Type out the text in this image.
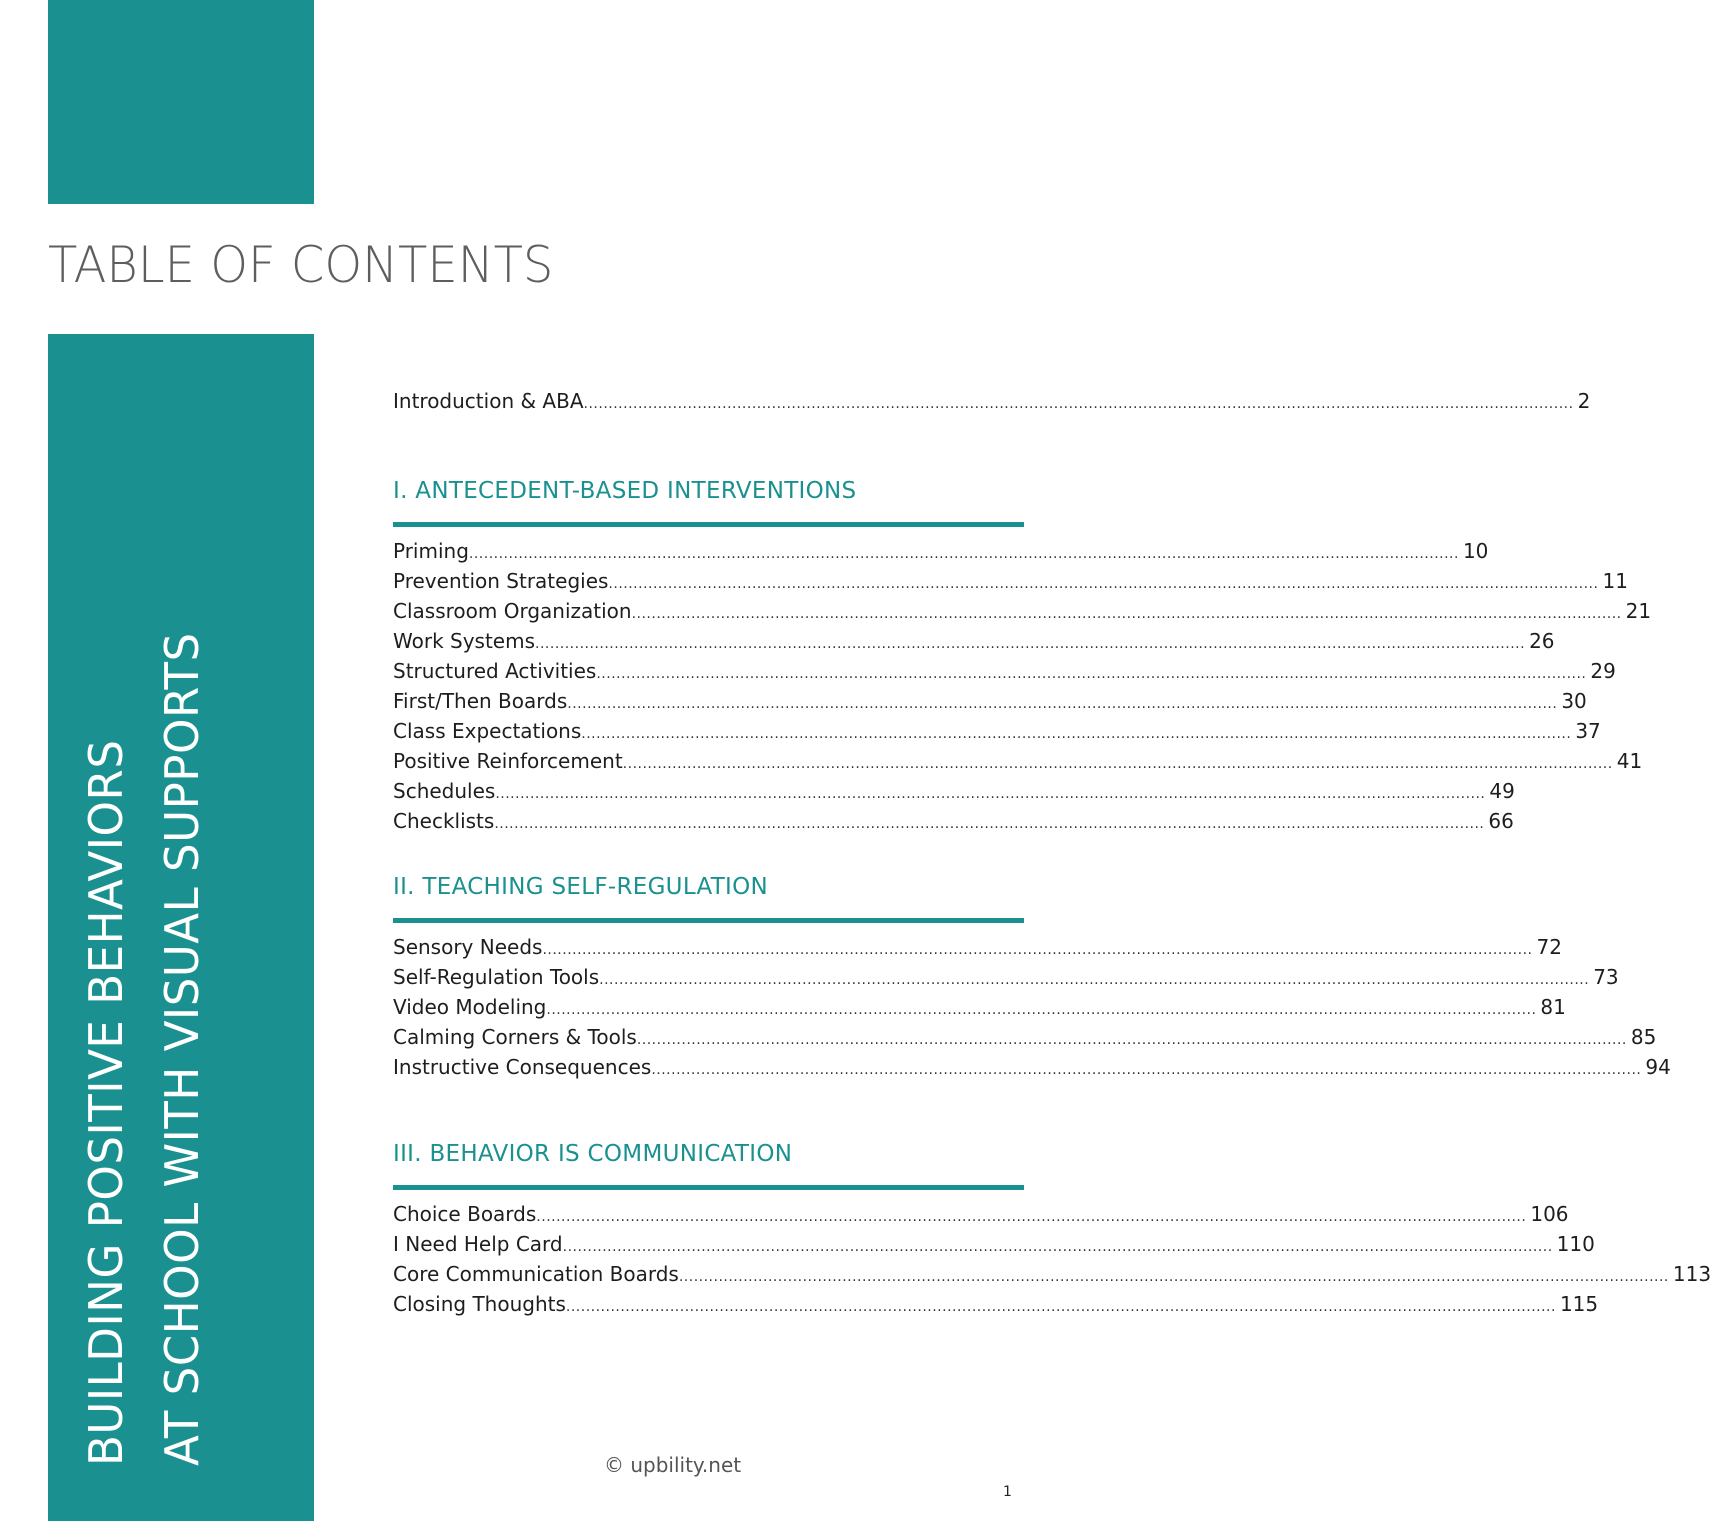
TABLE OF CONTENTS
BUILDING POSITIVE BEHAVIORS AT SCHOOL WITH VISUAL SUPPORTS
Introduction & ABA ........................................................................................................................................................................................................ 2
I. ANTECEDENT-BASED INTERVENTIONS
Priming ........................................................................................................................................................................................................ 10
Prevention Strategies ........................................................................................................................................................................................................ 11
Classroom Organization ........................................................................................................................................................................................................ 21
Work Systems ........................................................................................................................................................................................................ 26
Structured Activities ........................................................................................................................................................................................................ 29
First/Then Boards ........................................................................................................................................................................................................ 30
Class Expectations ........................................................................................................................................................................................................ 37
Positive Reinforcement ........................................................................................................................................................................................................ 41
Schedules ........................................................................................................................................................................................................ 49
Checklists ........................................................................................................................................................................................................ 66
II. TEACHING SELF-REGULATION
Sensory Needs ........................................................................................................................................................................................................ 72
Self-Regulation Tools ........................................................................................................................................................................................................ 73
Video Modeling ........................................................................................................................................................................................................ 81
Calming Corners & Tools ........................................................................................................................................................................................................ 85
Instructive Consequences ........................................................................................................................................................................................................ 94
III. BEHAVIOR IS COMMUNICATION
Choice Boards ........................................................................................................................................................................................................ 106
I Need Help Card ........................................................................................................................................................................................................ 110
Core Communication Boards ........................................................................................................................................................................................................ 113
Closing Thoughts ........................................................................................................................................................................................................ 115
© upbility.net
1
